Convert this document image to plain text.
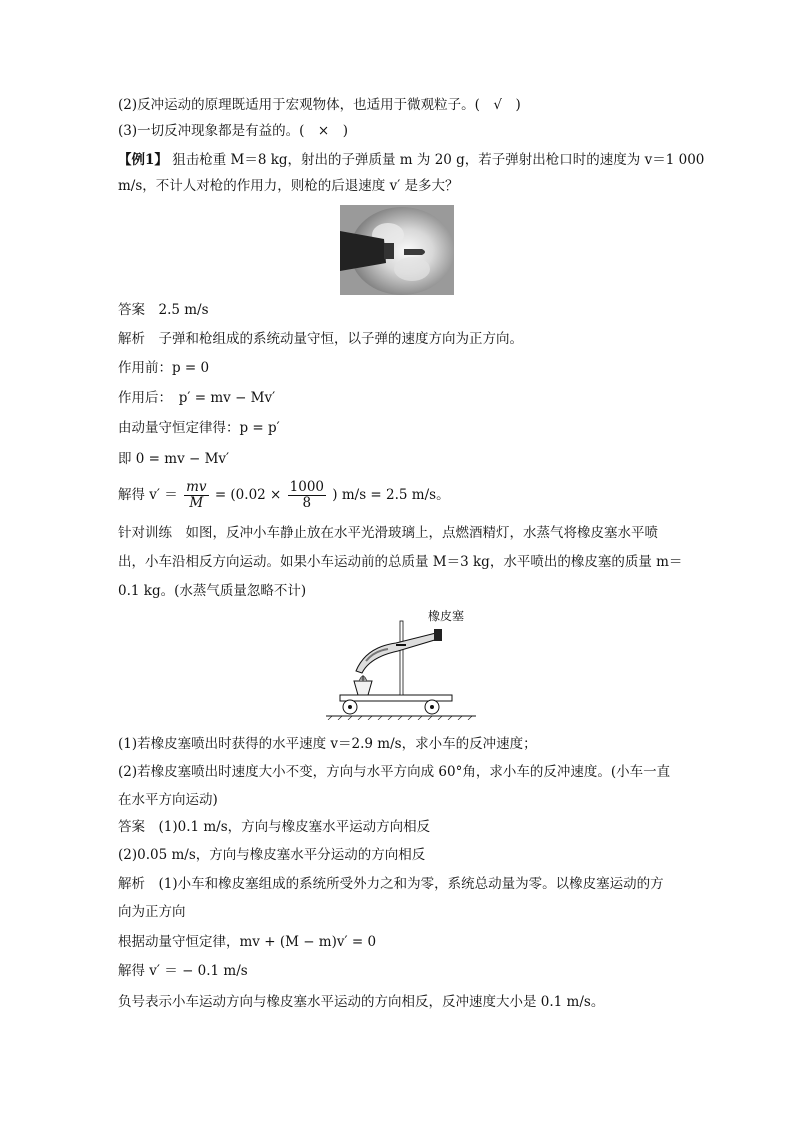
(2)反冲运动的原理既适用于宏观物体，也适用于微观粒子。(　√　)
(3)一切反冲现象都是有益的。(　×　)
【例1】 狙击枪重 M＝8 kg，射出的子弹质量 m 为 20 g，若子弹射出枪口时的速度为 v＝1 000
m/s，不计人对枪的作用力，则枪的后退速度 v′ 是多大？
答案　2.5 m/s
解析　子弹和枪组成的系统动量守恒，以子弹的速度方向为正方向。
作用前：p = 0
作用后：　p′ = mv − Mv′
由动量守恒定律得：p = p′
即 0 = mv − Mv′
解得 $v' = \frac{mv}{M} = (0.02 \times \frac{1000}{8}$ ) m/s = 2.5 m/s。
针对训练　如图，反冲小车静止放在水平光滑玻璃上，点燃酒精灯，水蒸气将橡皮塞水平喷
出，小车沿相反方向运动。如果小车运动前的总质量 M＝3 kg，水平喷出的橡皮塞的质量 m＝
0.1 kg。(水蒸气质量忽略不计)
橡皮塞
(1)若橡皮塞喷出时获得的水平速度 v＝2.9 m/s，求小车的反冲速度；
(2)若橡皮塞喷出时速度大小不变，方向与水平方向成 60°角，求小车的反冲速度。(小车一直
在水平方向运动)
答案　(1)0.1 m/s，方向与橡皮塞水平运动方向相反
(2)0.05 m/s，方向与橡皮塞水平分运动的方向相反
解析　(1)小车和橡皮塞组成的系统所受外力之和为零，系统总动量为零。以橡皮塞运动的方
向为正方向
根据动量守恒定律，mv + (M − m)v′ = 0
解得 v′ ＝ − 0.1 m/s
负号表示小车运动方向与橡皮塞水平运动的方向相反，反冲速度大小是 0.1 m/s。
